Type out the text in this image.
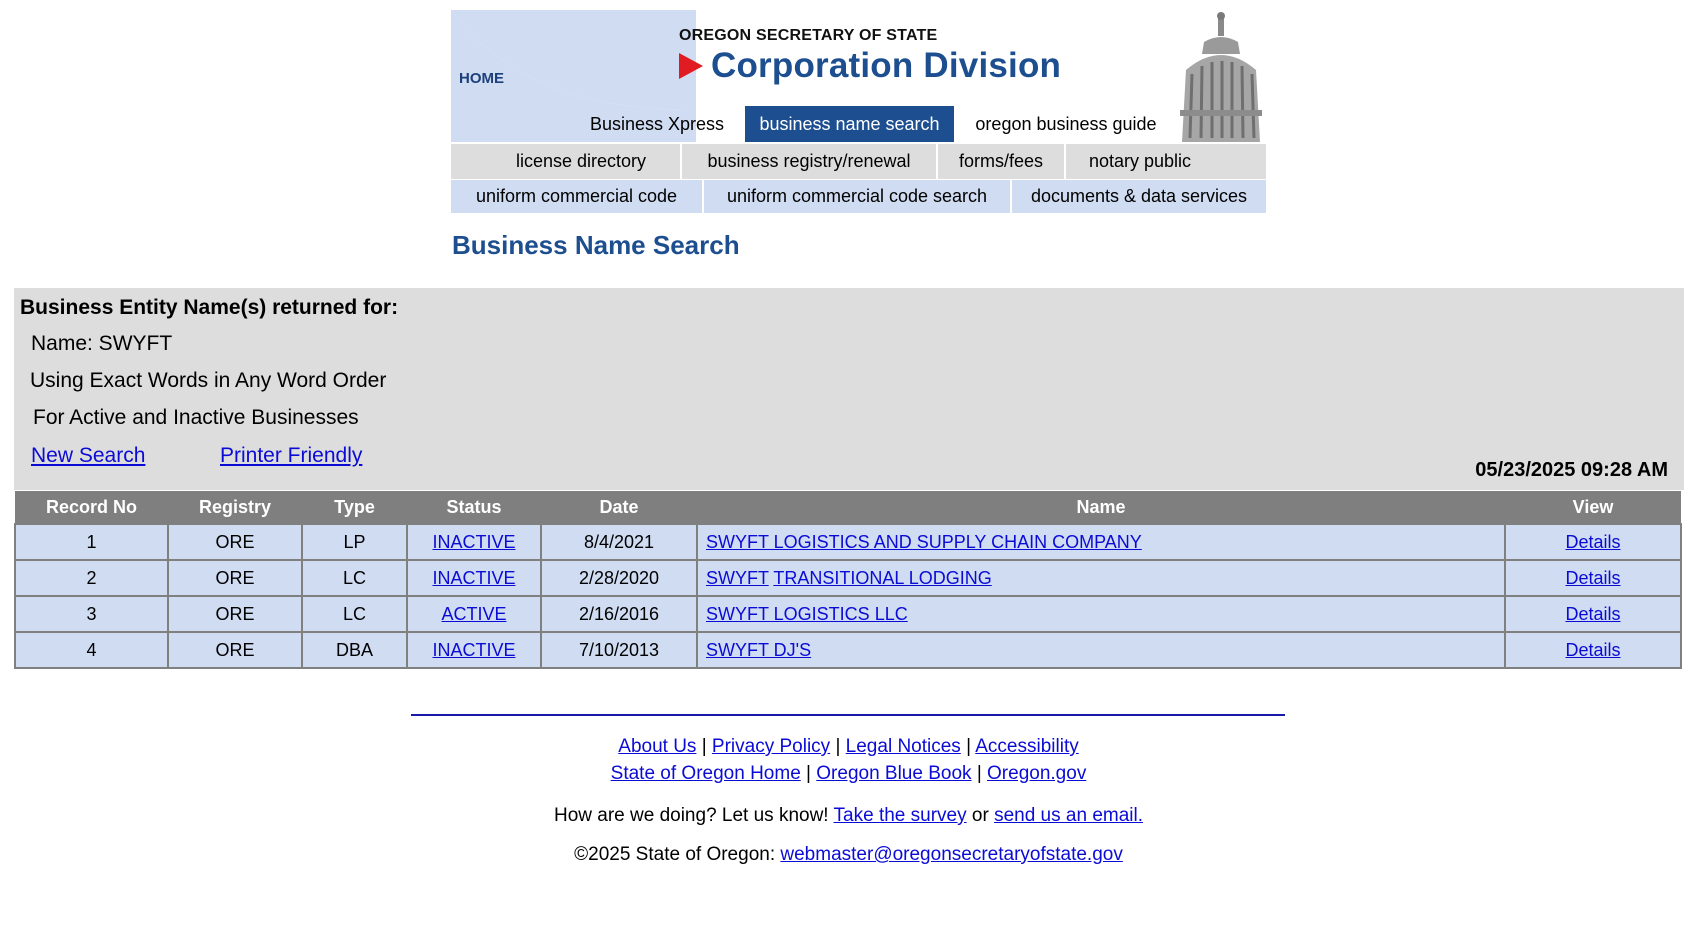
HOME
OREGON SECRETARY OF STATE
Corporation Division
Business Xpress	business name search	oregon business guide
license directory	business registry/renewal	forms/fees	notary public
uniform commercial code	uniform commercial code search	documents & data services
Business Name Search
Business Entity Name(s) returned for:
Name: SWYFT
Using Exact Words in Any Word Order
For Active and Inactive Businesses
New Search	Printer Friendly
05/23/2025 09:28 AM
Record No	Registry	Type	Status	Date	Name	View
1	ORE	LP	INACTIVE	8/4/2021	SWYFT LOGISTICS AND SUPPLY CHAIN COMPANY	Details
2	ORE	LC	INACTIVE	2/28/2020	SWYFT TRANSITIONAL LODGING	Details
3	ORE	LC	ACTIVE	2/16/2016	SWYFT LOGISTICS LLC	Details
4	ORE	DBA	INACTIVE	7/10/2013	SWYFT DJ'S	Details
About Us | Privacy Policy | Legal Notices | Accessibility
State of Oregon Home | Oregon Blue Book | Oregon.gov
How are we doing? Let us know! Take the survey or send us an email.
©2025 State of Oregon: webmaster@oregonsecretaryofstate.gov
